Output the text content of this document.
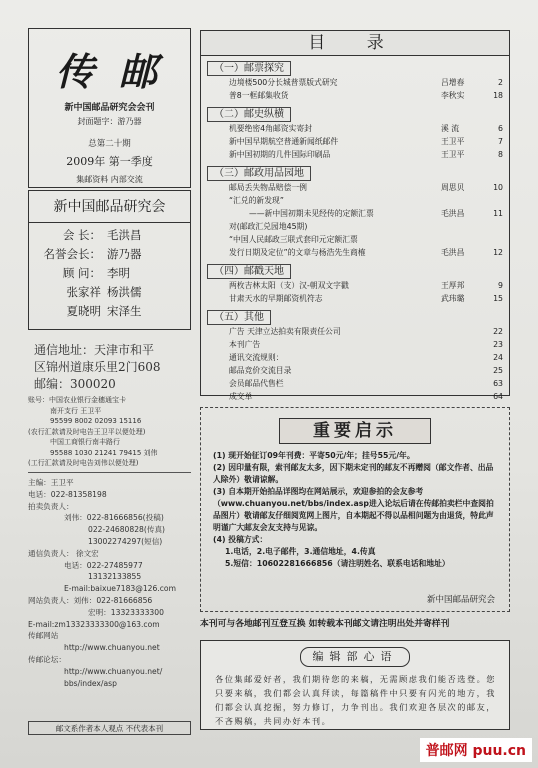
传 邮
新中国邮品研究会会刊
封面题字：游乃器
总第二十期
2009年 第一季度
集邮资料 内部交流
新中国邮品研究会
会 长： 毛洪昌
名誉会长： 游乃器
顾 问： 李明
张家祥 杨洪儒
夏晓明 宋泽生
通信地址：天津市和平
区锦州道康乐里2门608
邮编：300020
账号：中国农业银行金穗通宝卡
南开支行 王卫平
95599 8002 02093 15116
(农行汇款请及时电告王卫平以便处理)
中国工商银行南丰路行
95588 1030 21241 79415 刘伟
(工行汇款请及时电告刘伟以便处理)
主编：王卫平
电话：022-81358198
拍卖负责人：
刘伟：022-81666856(投稿)
022-24680828(传真)
13002274297(短信)
通信负责人： 徐文宏
电话：022-27485977
13132133855
E-mail:baixue7183@126.com
网站负责人：刘伟：022-81666856
宏明：13323333300
E-mail:zm13323333300@163.com
传邮网站
http://www.chuanyou.net
传邮论坛：
http://www.chuanyou.net/
bbs/index/asp
邮文系作者本人观点 不代表本刊
目 录
（一）邮票探究
边境楼500分长城普票版式研究	吕增春	2
普8一框邮集收货	李秋实	18
（二）邮史纵横
机要绝密4角邮资实寄封	溪 流	6
新中国早期航空普通新闻纸邮件	王卫平	7
新中国初期的几件国际印刷品	王卫平	8
（三）邮政用品园地
邮局丢失物品赔偿一例	周思贝	10
“汇兑的新发现”
——新中国初期未见经传的定额汇票	毛洪昌	11
对(邮政汇兑园地45期)
“中国人民邮政三联式套印元定额汇票
发行日期及定位”的文章与杨浩先生商榷	毛洪昌	12
（四）邮戳天地
两枚吉林太阳（支）汉-朝双文字戳	王厚邦	9
甘肃天水的早期邮资机符志	武玮璐	15
（五）其他
广告 天津立达拍卖有限责任公司	22
本刊广告	23
通讯交流规则：	24
邮品竞价交流目录	25
会员邮品代售栏	63
成交单	64
重要启示
(1) 现开始征订09年刊费：平寄50元/年；挂号55元/年。
(2) 因印量有限，索刊邮友太多，因下期未定刊的邮友不再赠阅（邮文作者、出品人除外）敬请谅解。
(3) 自本期开始拍品详图均在网站展示，欢迎参拍的会友参考（www.chuanyou.net/bbs/index.asp进入论坛后请在传邮拍卖栏中查阅拍品图片）敬请邮友仔细阅览网上图片，自本期起不得以品相问题为由退货，特此声明谨广大邮友会友支持与见谅。
(4) 投稿方式：
1.电话，2.电子邮件，3.通信地址，4.传真
5.短信：10602281666856（请注明姓名、联系电话和地址）
新中国邮品研究会
本刊可与各地邮刊互登互换 如转载本刊邮文请注明出处并寄样刊
编辑部心语
各位集邮爱好者，我们期待您的来稿，无需顾虑我们能否选登。您只要来稿，我们都会认真拜读，每篇稿件中只要有闪光的地方，我们都会认真挖掘，努力修订，力争刊出。我们欢迎各层次的邮友，不吝赐稿，共同办好本刊。
普邮网 puu.cn
